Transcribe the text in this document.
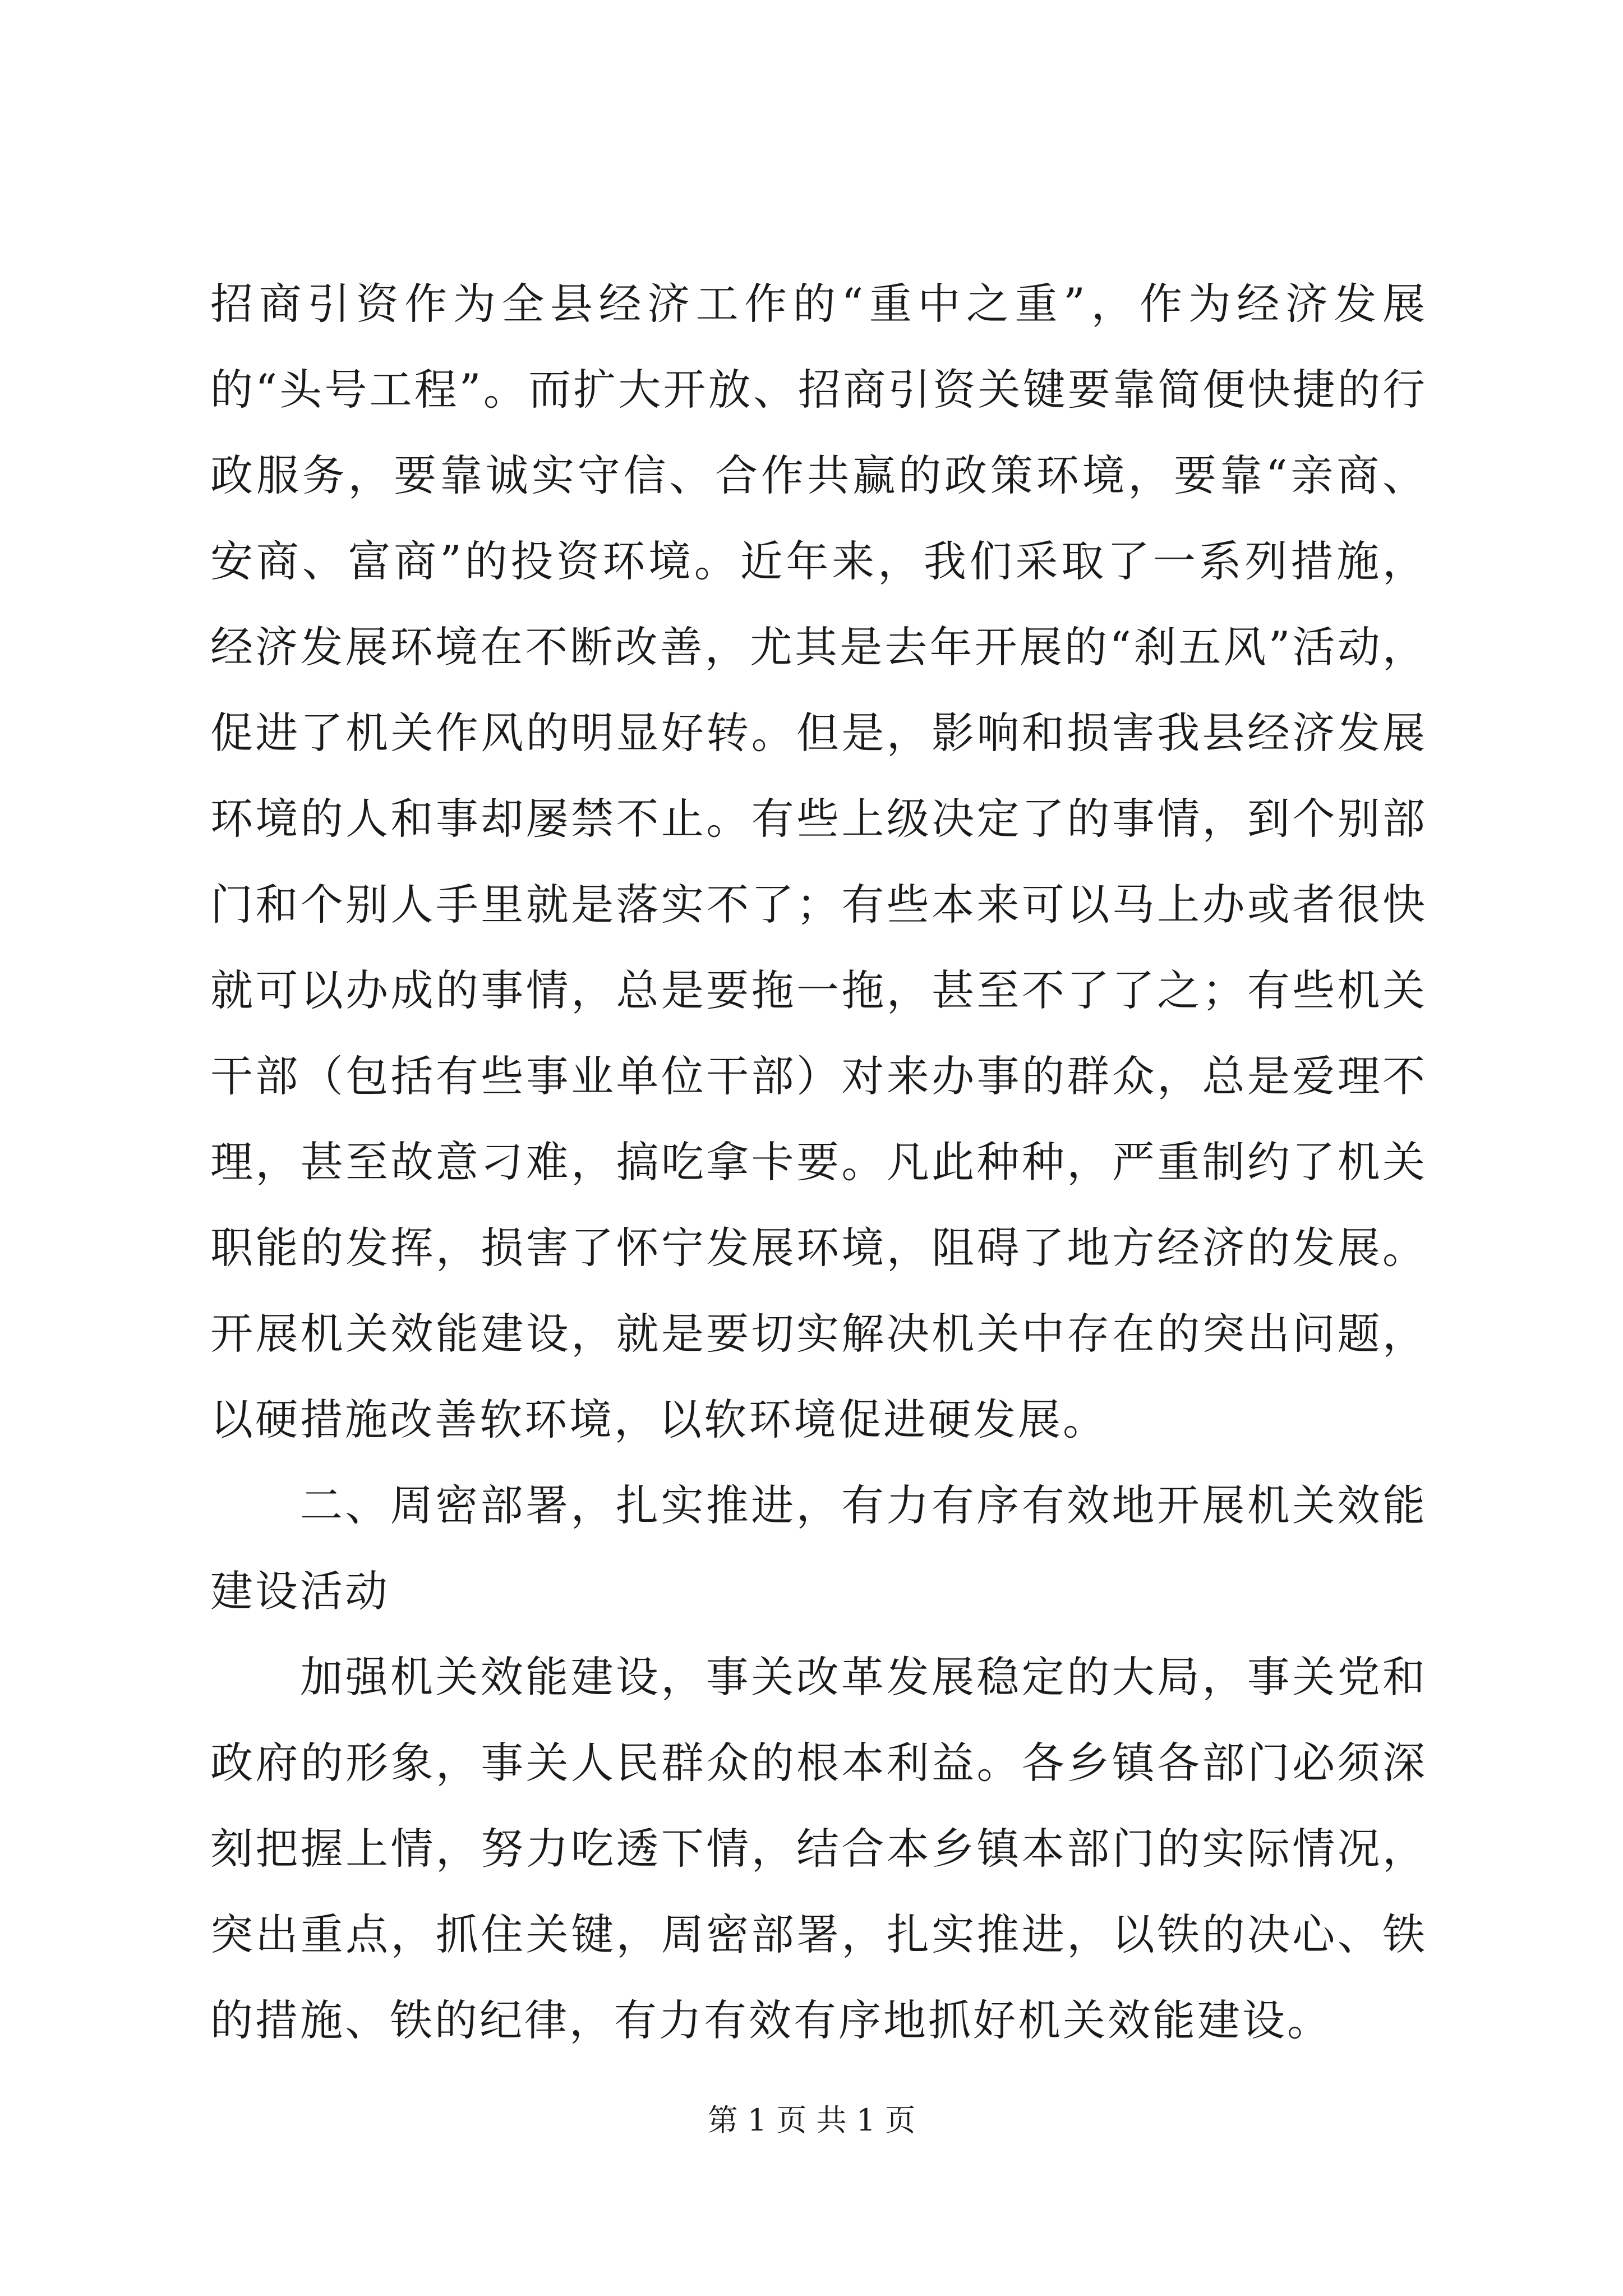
招商引资作为全县经济工作的“重中之重”，作为经济发展的“头号工程”。而扩大开放、招商引资关键要靠简便快捷的行政服务，要靠诚实守信、合作共赢的政策环境，要靠“亲商、安商、富商”的投资环境。近年来，我们采取了一系列措施，经济发展环境在不断改善，尤其是去年开展的“刹五风”活动，促进了机关作风的明显好转。但是，影响和损害我县经济发展环境的人和事却屡禁不止。有些上级决定了的事情，到个别部门和个别人手里就是落实不了；有些本来可以马上办或者很快就可以办成的事情，总是要拖一拖，甚至不了了之；有些机关干部（包括有些事业单位干部）对来办事的群众，总是爱理不理，甚至故意刁难，搞吃拿卡要。凡此种种，严重制约了机关职能的发挥，损害了怀宁发展环境，阻碍了地方经济的发展。开展机关效能建设，就是要切实解决机关中存在的突出问题，以硬措施改善软环境，以软环境促进硬发展。

二、周密部署，扎实推进，有力有序有效地开展机关效能建设活动

加强机关效能建设，事关改革发展稳定的大局，事关党和政府的形象，事关人民群众的根本利益。各乡镇各部门必须深刻把握上情，努力吃透下情，结合本乡镇本部门的实际情况，突出重点，抓住关键，周密部署，扎实推进，以铁的决心、铁的措施、铁的纪律，有力有效有序地抓好机关效能建设。

第 1 页 共 1 页
